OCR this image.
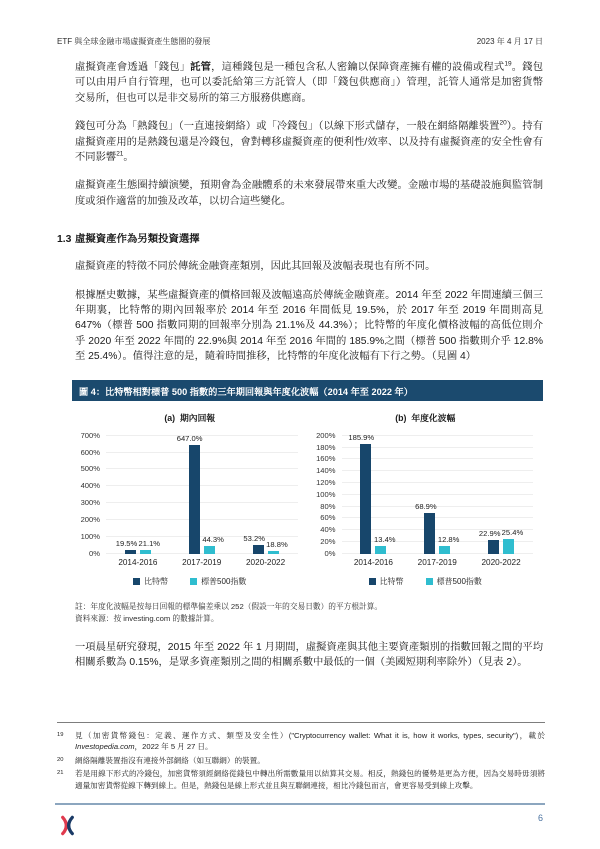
ETF 與全球金融市場虛擬資產生態圈的發展	2023 年 4 月 17 日

虛擬資產會透過「錢包」託管，這種錢包是一種包含私人密鑰以保障資產擁有權的設備或程式$^{19}$。錢包可以由用戶自行管理，也可以委託給第三方託管人（即「錢包供應商」）管理，託管人通常是加密貨幣交易所，但也可以是非交易所的第三方服務供應商。

錢包可分為「熱錢包」（一直連接網絡）或「冷錢包」（以線下形式儲存，一般在網絡隔離裝置$^{20}$）。持有虛擬資產用的是熱錢包還是冷錢包，會對轉移虛擬資產的便利性/效率、以及持有虛擬資產的安全性會有不同影響$^{21}$。

虛擬資產生態圈持續演變，預期會為金融體系的未來發展帶來重大改變。金融市場的基礎設施與監管制度或須作適當的加強及改革，以切合這些變化。

1.3 虛擬資產作為另類投資選擇

虛擬資產的特徵不同於傳統金融資產類別，因此其回報及波幅表現也有所不同。

根據歷史數據，某些虛擬資產的價格回報及波幅遠高於傳統金融資產。2014 年至 2022 年間連續三個三年期裏，比特幣的期內回報率於 2014 年至 2016 年間低見 19.5%，於 2017 年至 2019 年間則高見 647%（標普 500 指數同期的回報率分別為 21.1%及 44.3%）；比特幣的年度化價格波幅的高低位則介乎 2020 年至 2022 年間的 22.9%與 2014 年至 2016 年間的 185.9%之間（標普 500 指數則介乎 12.8%至 25.4%）。值得注意的是，隨着時間推移，比特幣的年度化波幅有下行之勢。（見圖 4）

圖 4：比特幣相對標普 500 指數的三年期回報與年度化波幅（2014 年至 2022 年）
(a) 期內回報
0%
100%
200%
300%
400%
500%
600%
700%
19.5%
647.0%
53.2%
21.1%	44.3%	18.8%
2014-2016	2017-2019	2020-2022
比特幣	標普500指數
(b) 年度化波幅
0%
20%
40%
60%
80%
100%
120%
140%
160%
180%
200% 185.9%
68.9%
22.9%
13.4%	12.8%
25.4%
2014-2016	2017-2019	2020-2022
比特幣	標普500指數
註：年度化波幅是按每日回報的標準偏差乘以 252（假設一年的交易日數）的平方根計算。
資料來源：按 investing.com 的數據計算。

一項晨星研究發現，2015 年至 2022 年 1 月期間，虛擬資產與其他主要資產類別的指數回報之間的平均相關系數為 0.15%，是眾多資產類別之間的相關系數中最低的一個（美國短期利率除外）（見表 2）。

19	見（加密貨幣錢包：定義、運作方式、類型及安全性）("Cryptocurrency wallet: What it is, how it works, types, security")，載於 Investopedia.com，2022 年 5 月 27 日。
20	網絡隔離裝置指沒有連接外部網絡（如互聯網）的裝置。
21	若是用線下形式的冷錢包，加密貨幣須經網絡從錢包中轉出所需數量用以結算其交易。相反，熱錢包的優勢是更為方便，因為交易時毋須將適量加密貨幣從線下轉到線上。但是，熱錢包是線上形式並且與互聯網連接，相比冷錢包而言，會更容易受到線上攻擊。
6
